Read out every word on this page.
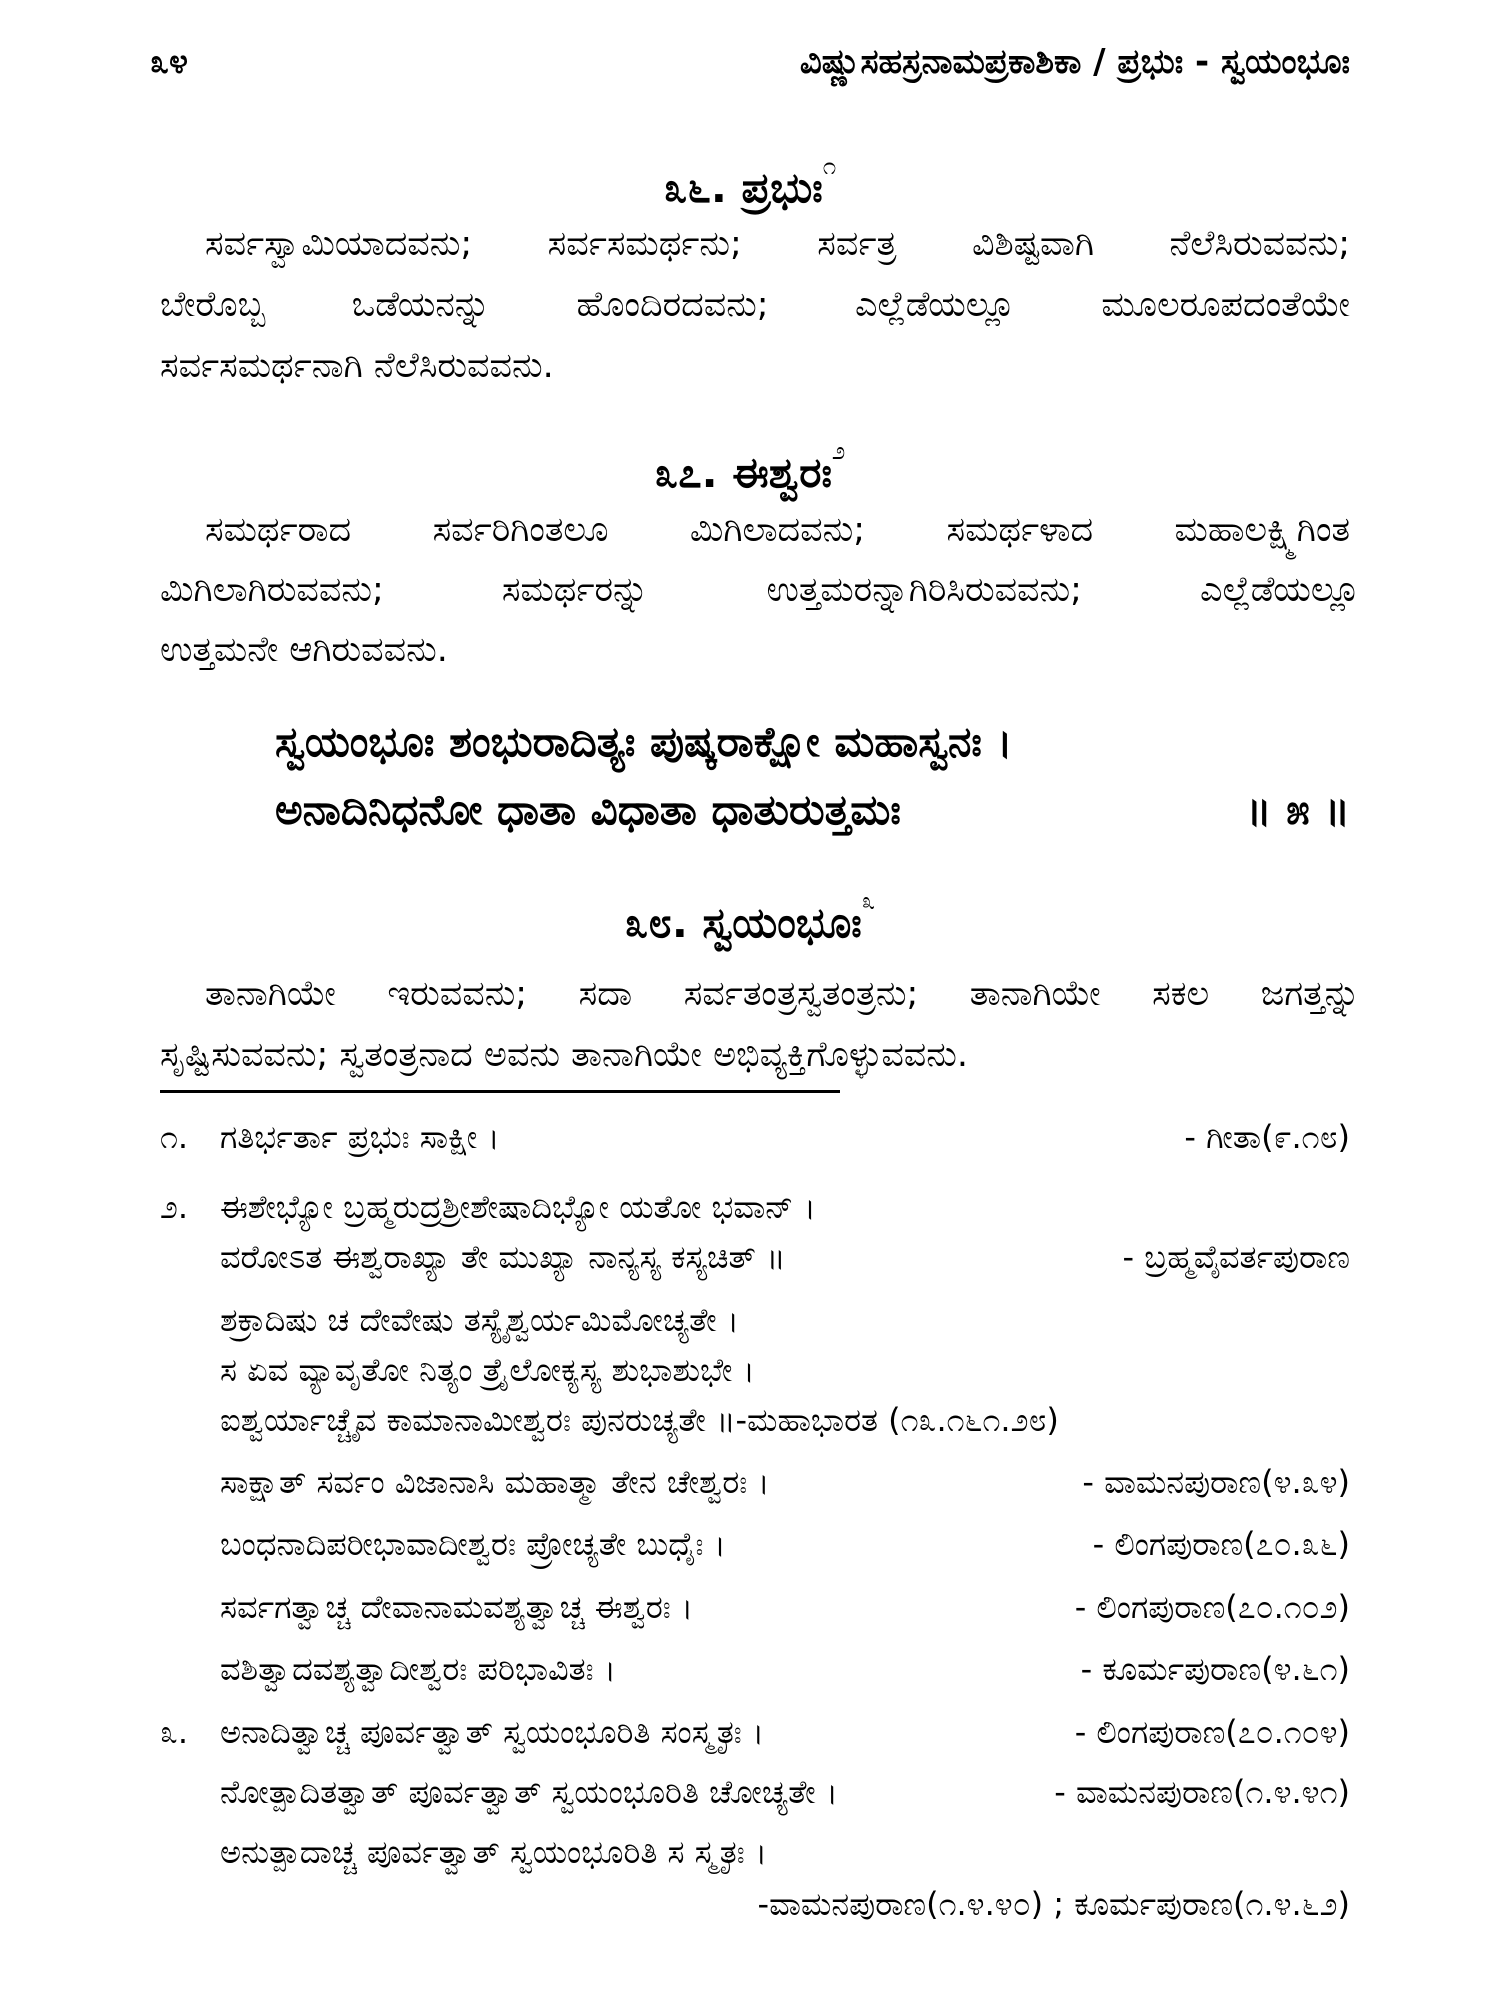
೩೪	ವಿಷ್ಣುಸಹಸ್ರನಾಮಪ್ರಕಾಶಿಕಾ / ಪ್ರಭುಃ - ಸ್ವಯಂಭೂಃ
೩೬. ಪ್ರಭುಃ$^೧$
ಸರ್ವಸ್ವಾಮಿಯಾದವನು; ಸರ್ವಸಮರ್ಥನು; ಸರ್ವತ್ರ ವಿಶಿಷ್ಟವಾಗಿ ನೆಲೆಸಿರುವವನು;
ಬೇರೊಬ್ಬ ಒಡೆಯನನ್ನು ಹೊಂದಿರದವನು; ಎಲ್ಲೆಡೆಯಲ್ಲೂ ಮೂಲರೂಪದಂತೆಯೇ
ಸರ್ವಸಮರ್ಥನಾಗಿ ನೆಲೆಸಿರುವವನು.
೩೭. ಈಶ್ವರಃ$^೨$
ಸಮರ್ಥರಾದ ಸರ್ವರಿಗಿಂತಲೂ ಮಿಗಿಲಾದವನು; ಸಮರ್ಥಳಾದ ಮಹಾಲಕ್ಷ್ಮಿಗಿಂತ
ಮಿಗಿಲಾಗಿರುವವನು; ಸಮರ್ಥರನ್ನು ಉತ್ತಮರನ್ನಾಗಿರಿಸಿರುವವನು; ಎಲ್ಲೆಡೆಯಲ್ಲೂ
ಉತ್ತಮನೇ ಆಗಿರುವವನು.
ಸ್ವಯಂಭೂಃ ಶಂಭುರಾದಿತ್ಯಃ ಪುಷ್ಕರಾಕ್ಷೋ ಮಹಾಸ್ವನಃ ।
ಅನಾದಿನಿಧನೋ ಧಾತಾ ವಿಧಾತಾ ಧಾತುರುತ್ತಮಃ	॥ ೫ ॥
೩೮. ಸ್ವಯಂಭೂಃ$^೩$
ತಾನಾಗಿಯೇ ಇರುವವನು; ಸದಾ ಸರ್ವತಂತ್ರಸ್ವತಂತ್ರನು; ತಾನಾಗಿಯೇ ಸಕಲ ಜಗತ್ತನ್ನು
ಸೃಷ್ಟಿಸುವವನು; ಸ್ವತಂತ್ರನಾದ ಅವನು ತಾನಾಗಿಯೇ ಅಭಿವ್ಯಕ್ತಿಗೊಳ್ಳುವವನು.
೧. ಗತಿರ್ಭರ್ತಾ ಪ್ರಭುಃ ಸಾಕ್ಷೀ ।	- ಗೀತಾ(೯.೧೮)
೨. ಈಶೇಭ್ಯೋ ಬ್ರಹ್ಮರುದ್ರಶ್ರೀಶೇಷಾದಿಭ್ಯೋ ಯತೋ ಭವಾನ್ ।
ವರೋಽತ ಈಶ್ವರಾಖ್ಯಾ ತೇ ಮುಖ್ಯಾ ನಾನ್ಯಸ್ಯ ಕಸ್ಯಚಿತ್ ॥	- ಬ್ರಹ್ಮವೈವರ್ತಪುರಾಣ
ಶಕ್ರಾದಿಷು ಚ ದೇವೇಷು ತಸ್ಯೈಶ್ವರ್ಯಮಿಮೋಚ್ಯತೇ ।
ಸ ಏವ ವ್ಯಾವೃತೋ ನಿತ್ಯಂ ತ್ರೈಲೋಕ್ಯಸ್ಯ ಶುಭಾಶುಭೇ ।
ಐಶ್ವರ್ಯಾಚ್ಚೈವ ಕಾಮಾನಾಮೀಶ್ವರಃ ಪುನರುಚ್ಯತೇ ॥-ಮಹಾಭಾರತ (೧೩.೧೬೧.೨೮)
ಸಾಕ್ಷಾತ್ ಸರ್ವಂ ವಿಜಾನಾಸಿ ಮಹಾತ್ಮಾ ತೇನ ಚೇಶ್ವರಃ ।	- ವಾಮನಪುರಾಣ(೪.೩೪)
ಬಂಧನಾದಿಪರೀಭಾವಾದೀಶ್ವರಃ ಪ್ರೋಚ್ಯತೇ ಬುಧೈಃ ।	- ಲಿಂಗಪುರಾಣ(೭೦.೩೬)
ಸರ್ವಗತ್ವಾಚ್ಚ ದೇವಾನಾಮವಶ್ಯತ್ವಾಚ್ಚ ಈಶ್ವರಃ ।	- ಲಿಂಗಪುರಾಣ(೭೦.೧೦೨)
ವಶಿತ್ವಾದವಶ್ಯತ್ವಾದೀಶ್ವರಃ ಪರಿಭಾವಿತಃ ।	- ಕೂರ್ಮಪುರಾಣ(೪.೬೧)
೩. ಅನಾದಿತ್ವಾಚ್ಚ ಪೂರ್ವತ್ವಾತ್ ಸ್ವಯಂಭೂರಿತಿ ಸಂಸ್ಮೃತಃ ।	- ಲಿಂಗಪುರಾಣ(೭೦.೧೦೪)
ನೋತ್ಪಾದಿತತ್ವಾತ್ ಪೂರ್ವತ್ವಾತ್ ಸ್ವಯಂಭೂರಿತಿ ಚೋಚ್ಯತೇ ।	- ವಾಮನಪುರಾಣ(೧.೪.೪೧)
ಅನುತ್ಪಾದಾಚ್ಚ ಪೂರ್ವತ್ವಾತ್ ಸ್ವಯಂಭೂರಿತಿ ಸ ಸ್ಮೃತಃ ।
-ವಾಮನಪುರಾಣ(೧.೪.೪೦) ; ಕೂರ್ಮಪುರಾಣ(೧.೪.೬೨)
